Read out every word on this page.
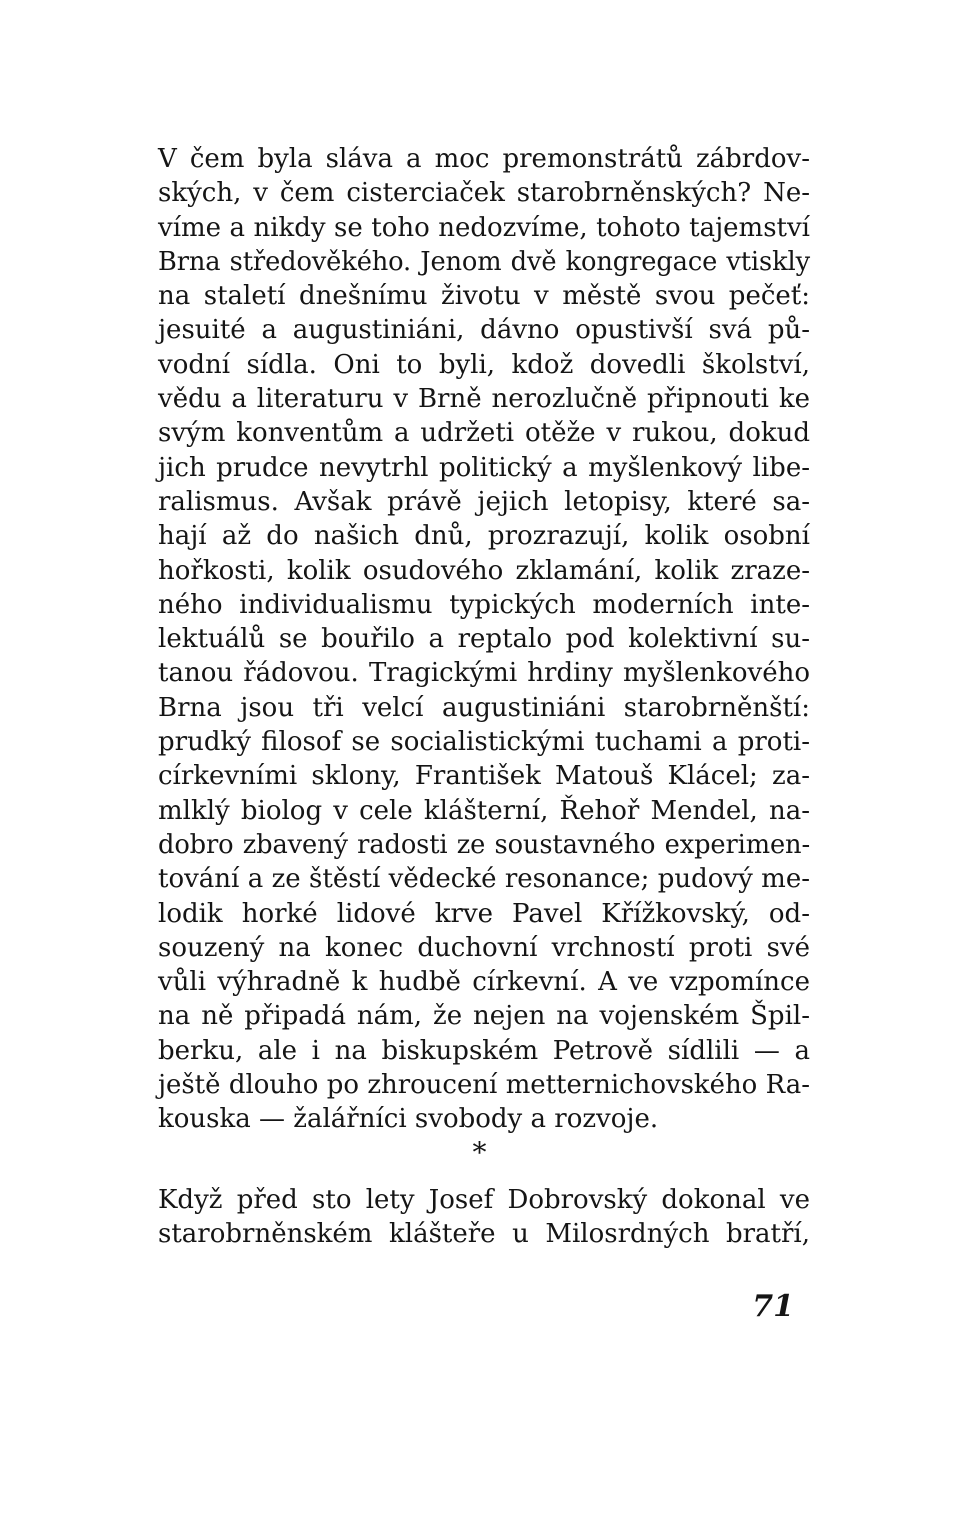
V čem byla sláva a moc premonstrátů zábrdov-
ských, v čem cisterciaček starobrněnských? Ne-
víme a nikdy se toho nedozvíme, tohoto tajemství
Brna středověkého. Jenom dvě kongregace vtiskly
na staletí dnešnímu životu v městě svou pečeť:
jesuité a augustiniáni, dávno opustivší svá pů-
vodní sídla. Oni to byli, kdož dovedli školství,
vědu a literaturu v Brně nerozlučně připnouti ke
svým konventům a udržeti otěže v rukou, dokud
jich prudce nevytrhl politický a myšlenkový libe-
ralismus. Avšak právě jejich letopisy, které sa-
hají až do našich dnů, prozrazují, kolik osobní
hořkosti, kolik osudového zklamání, kolik zraze-
ného individualismu typických moderních inte-
lektuálů se bouřilo a reptalo pod kolektivní su-
tanou řádovou. Tragickými hrdiny myšlenkového
Brna jsou tři velcí augustiniáni starobrněnští:
prudký filosof se socialistickými tuchami a proti-
církevními sklony, František Matouš Klácel; za-
mlklý biolog v cele klášterní, Řehoř Mendel, na-
dobro zbavený radosti ze soustavného experimen-
tování a ze štěstí vědecké resonance; pudový me-
lodik horké lidové krve Pavel Křížkovský, od-
souzený na konec duchovní vrchností proti své
vůli výhradně k hudbě církevní. A ve vzpomínce
na ně připadá nám, že nejen na vojenském Špil-
berku, ale i na biskupském Petrově sídlili — a
ještě dlouho po zhroucení metternichovského Ra-
kouska — žalářníci svobody a rozvoje.
*
Když před sto lety Josef Dobrovský dokonal ve
starobrněnském klášteře u Milosrdných bratří,
71
